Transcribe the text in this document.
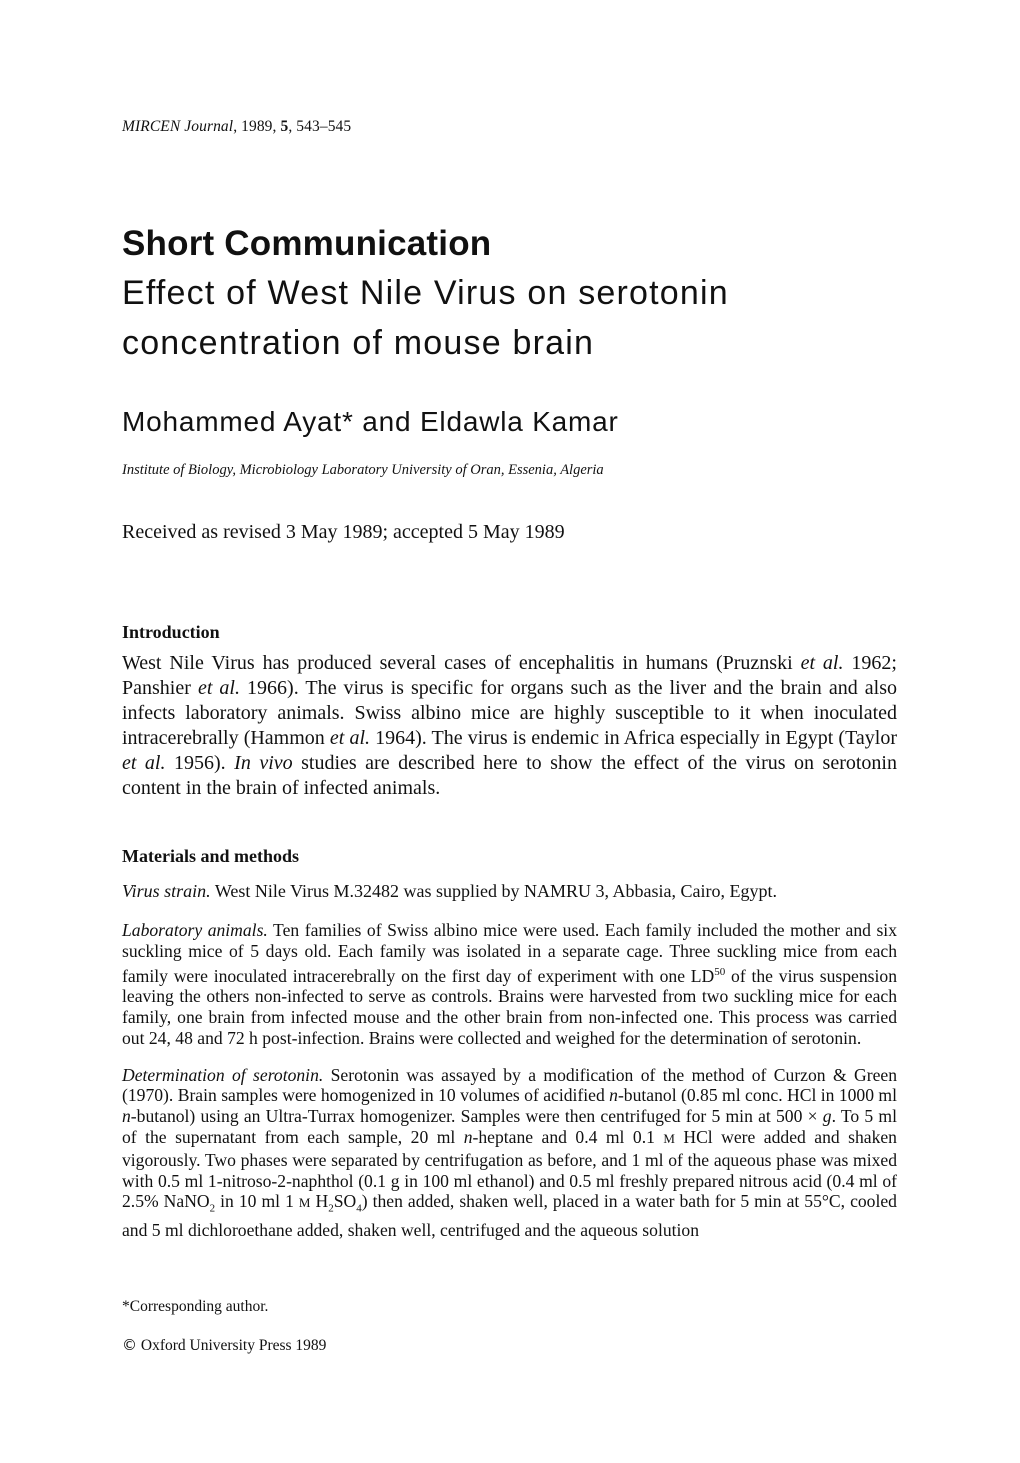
MIRCEN Journal, 1989, 5, 543–545
Short Communication
Effect of West Nile Virus on serotonin
concentration of mouse brain
Mohammed Ayat* and Eldawla Kamar
Institute of Biology, Microbiology Laboratory University of Oran, Essenia, Algeria
Received as revised 3 May 1989; accepted 5 May 1989
Introduction

West Nile Virus has produced several cases of encephalitis in humans (Pruznski et al. 1962; Panshier et al. 1966). The virus is specific for organs such as the liver and the brain and also infects laboratory animals. Swiss albino mice are highly susceptible to it when inoculated intracerebrally (Hammon et al. 1964). The virus is endemic in Africa especially in Egypt (Taylor et al. 1956). In vivo studies are described here to show the effect of the virus on serotonin content in the brain of infected animals.

Materials and methods

Virus strain. West Nile Virus M.32482 was supplied by NAMRU 3, Abbasia, Cairo, Egypt.

Laboratory animals. Ten families of Swiss albino mice were used. Each family included the mother and six suckling mice of 5 days old. Each family was isolated in a separate cage. Three suckling mice from each family were inoculated intracerebrally on the first day of experiment with one LD$^{50}$ of the virus suspension leaving the others non-infected to serve as controls. Brains were harvested from two suckling mice for each family, one brain from infected mouse and the other brain from non-infected one. This process was carried out 24, 48 and 72 h post-infection. Brains were collected and weighed for the determination of serotonin.

Determination of serotonin. Serotonin was assayed by a modification of the method of Curzon & Green (1970). Brain samples were homogenized in 10 volumes of acidified n-butanol (0.85 ml conc. HCl in 1000 ml n-butanol) using an Ultra-Turrax homogenizer. Samples were then centrifuged for 5 min at 500 × g. To 5 ml of the supernatant from each sample, 20 ml n-heptane and 0.4 ml 0.1 M HCl were added and shaken vigorously. Two phases were separated by centrifugation as before, and 1 ml of the aqueous phase was mixed with 0.5 ml 1-nitroso-2-naphthol (0.1 g in 100 ml ethanol) and 0.5 ml freshly prepared nitrous acid (0.4 ml of 2.5% NaNO$_2$ in 10 ml 1 M $H_2SO_4$) then added, shaken well, placed in a water bath for 5 min at 55°C, cooled and 5 ml dichloroethane added, shaken well, centrifuged and the aqueous solution

*Corresponding author.
© Oxford University Press 1989
